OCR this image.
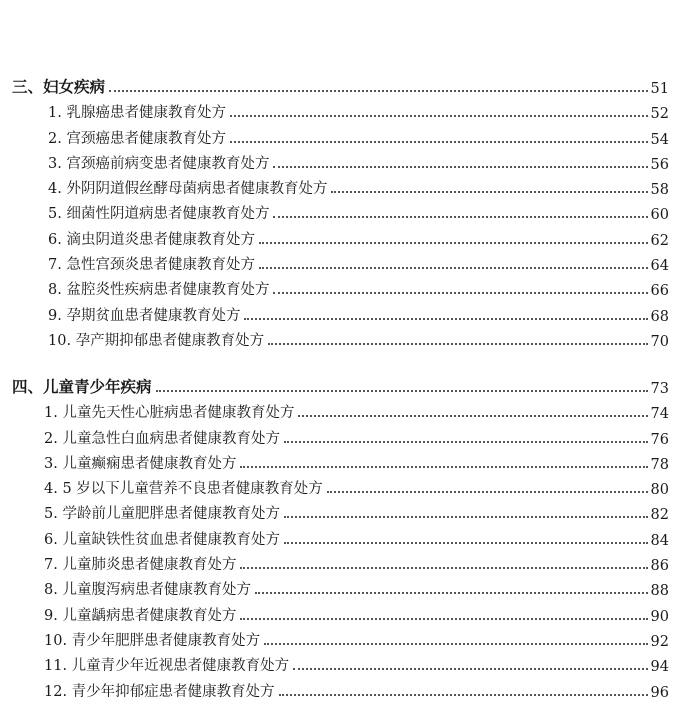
三、妇女疾病	51
1. 乳腺癌患者健康教育处方	52
2. 宫颈癌患者健康教育处方	54
3. 宫颈癌前病变患者健康教育处方	56
4. 外阴阴道假丝酵母菌病患者健康教育处方	58
5. 细菌性阴道病患者健康教育处方	60
6. 滴虫阴道炎患者健康教育处方	62
7. 急性宫颈炎患者健康教育处方	64
8. 盆腔炎性疾病患者健康教育处方	66
9. 孕期贫血患者健康教育处方	68
10. 孕产期抑郁患者健康教育处方	70
四、儿童青少年疾病	73
1. 儿童先天性心脏病患者健康教育处方	74
2. 儿童急性白血病患者健康教育处方	76
3. 儿童癫痫患者健康教育处方	78
4. 5 岁以下儿童营养不良患者健康教育处方	80
5. 学龄前儿童肥胖患者健康教育处方	82
6. 儿童缺铁性贫血患者健康教育处方	84
7. 儿童肺炎患者健康教育处方	86
8. 儿童腹泻病患者健康教育处方	88
9. 儿童龋病患者健康教育处方	90
10. 青少年肥胖患者健康教育处方	92
11. 儿童青少年近视患者健康教育处方	94
12. 青少年抑郁症患者健康教育处方	96
